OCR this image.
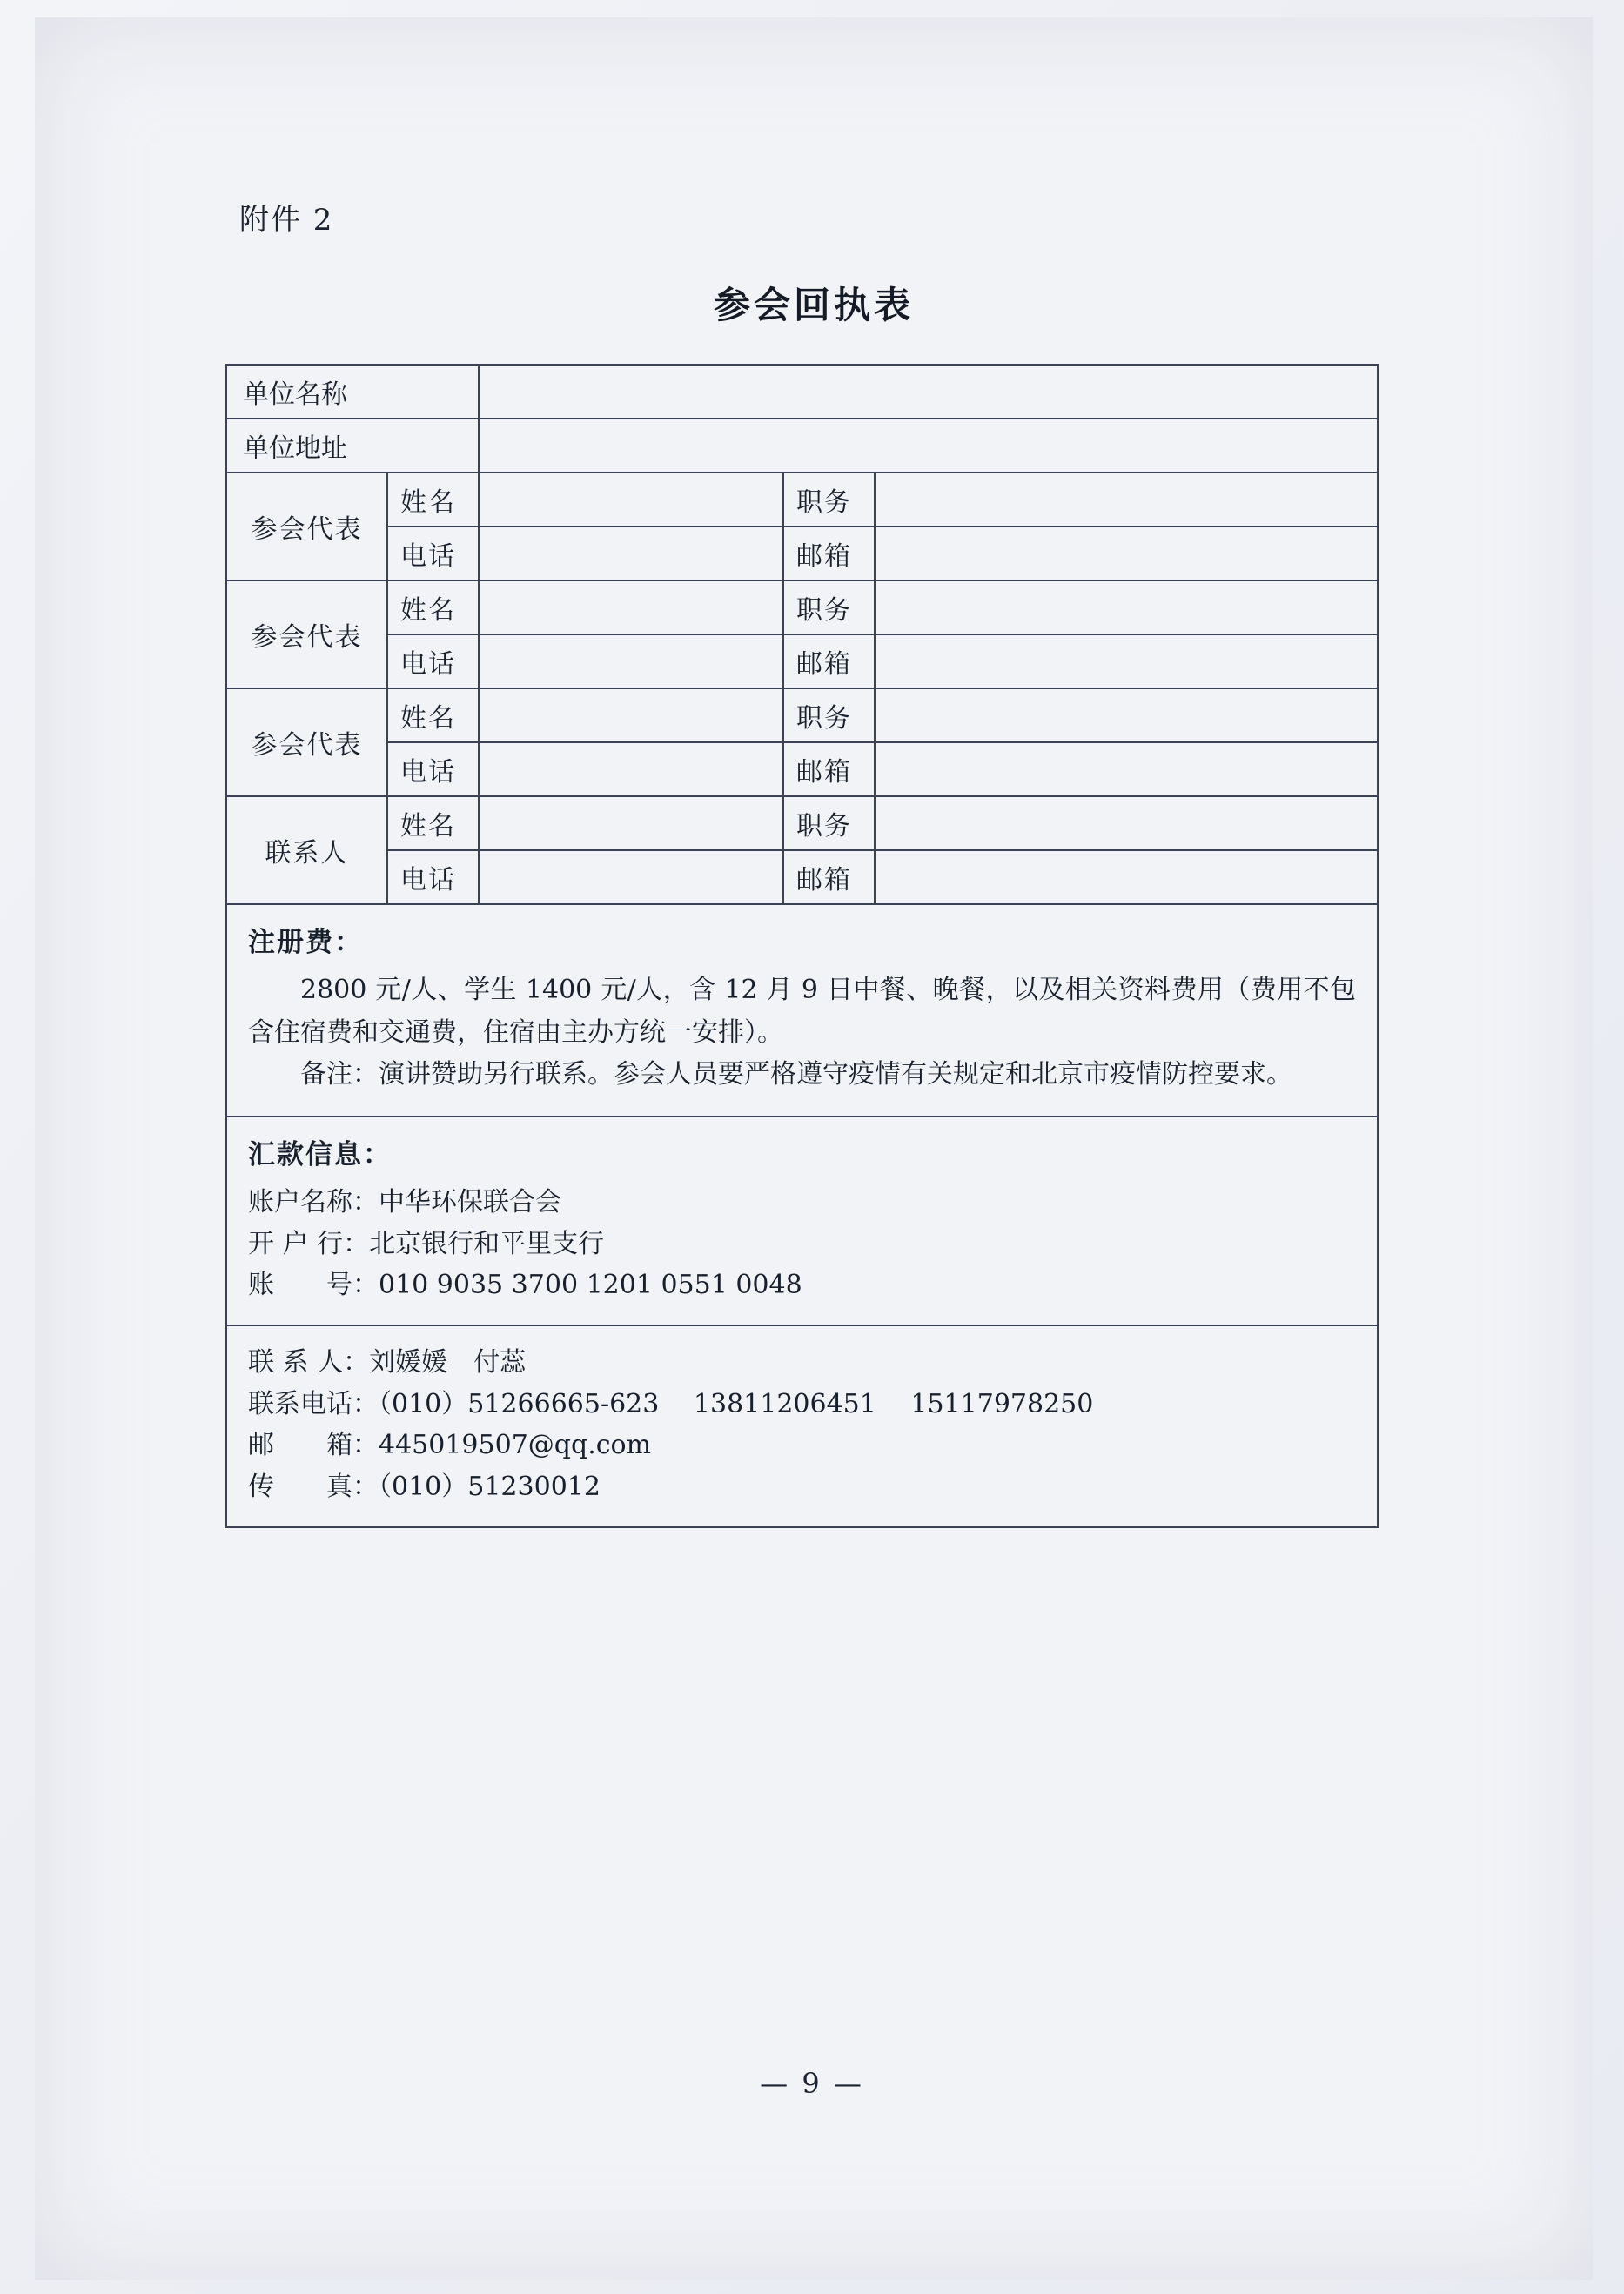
附件 2
参会回执表
单位名称				
单位地址				
参会代表	姓名		职务	
	电话		邮箱	
参会代表	姓名		职务	
	电话		邮箱	
参会代表	姓名		职务	
	电话		邮箱	
联系人	姓名		职务	
	电话		邮箱	

注册费：

2800 元/人、学生 1400 元/人，含 12 月 9 日中餐、晚餐，以及相关资料费用（费用不包含住宿费和交通费，住宿由主办方统一安排）。

备注：演讲赞助另行联系。参会人员要严格遵守疫情有关规定和北京市疫情防控要求。				

汇款信息：

账户名称：中华环保联合会

开 户 行：北京银行和平里支行

账　　号：010 9035 3700 1201 0551 0048				

联 系 人：刘媛媛　付蕊

联系电话：（010）51266665-623　 13811206451　 15117978250

邮　　箱：445019507@qq.com

传　　真：（010）51230012				

— 9 —
